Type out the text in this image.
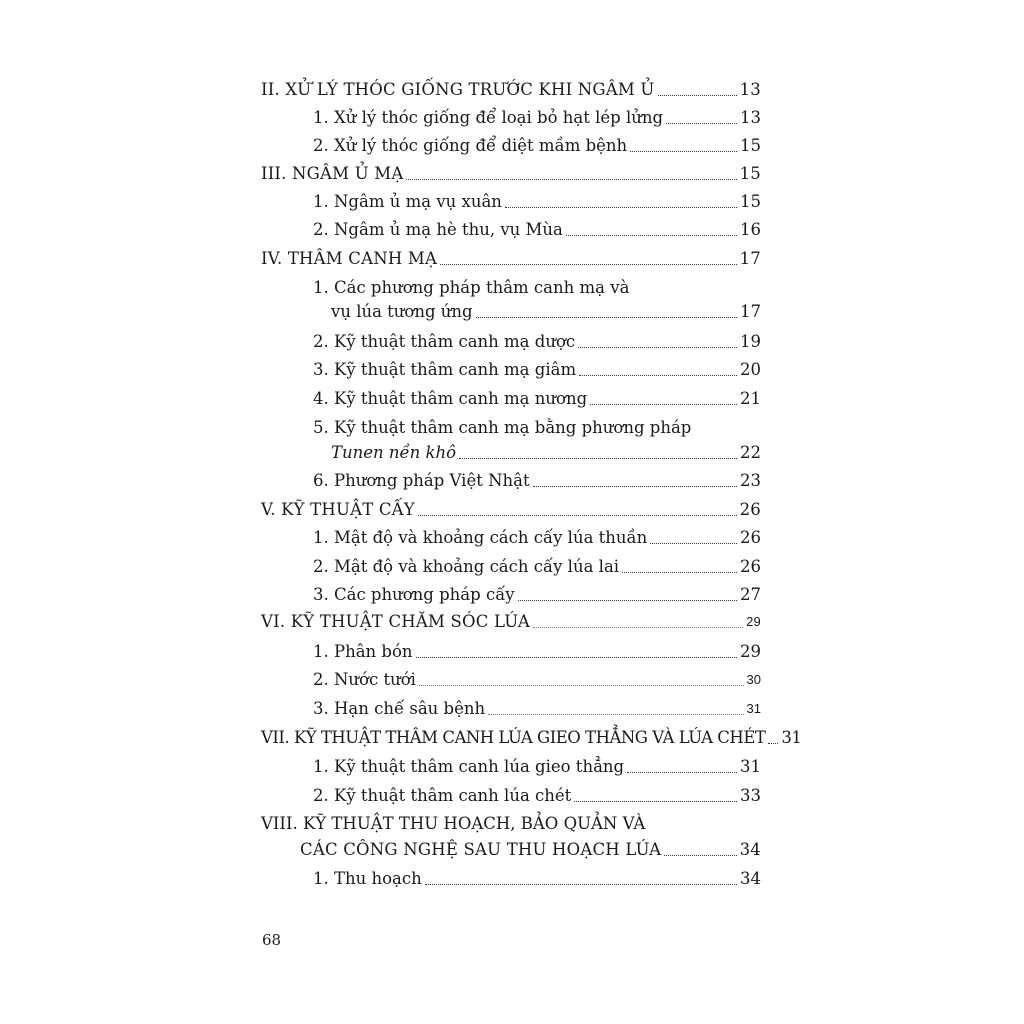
II. XỬ LÝ THÓC GIỐNG TRƯỚC KHI NGÂM Ủ	13
1. Xử lý thóc giống để loại bỏ hạt lép lửng	13
2. Xử lý thóc giống để diệt mầm bệnh	15
III. NGÂM Ủ MẠ	15
1. Ngâm ủ mạ vụ xuân	15
2. Ngâm ủ mạ hè thu, vụ Mùa	16
IV. THÂM CANH MẠ	17
1. Các phương pháp thâm canh mạ và
vụ lúa tương ứng	17
2. Kỹ thuật thâm canh mạ dược	19
3. Kỹ thuật thâm canh mạ giâm	20
4. Kỹ thuật thâm canh mạ nương	21
5. Kỹ thuật thâm canh mạ bằng phương pháp
Tunen nền khô	22
6. Phương pháp Việt Nhật	23
V. KỸ THUẬT CẤY	26
1. Mật độ và khoảng cách cấy lúa thuần	26
2. Mật độ và khoảng cách cấy lúa lai	26
3. Các phương pháp cấy	27
VI. KỸ THUẬT CHĂM SÓC LÚA	29
1. Phân bón	29
2. Nước tưới	30
3. Hạn chế sâu bệnh	31
VII. KỸ THUẬT THÂM CANH LÚA GIEO THẲNG VÀ LÚA CHÉT 31
1. Kỹ thuật thâm canh lúa gieo thẳng	31
2. Kỹ thuật thâm canh lúa chét	33
VIII. KỸ THUẬT THU HOẠCH, BẢO QUẢN VÀ
CÁC CÔNG NGHỆ SAU THU HOẠCH LÚA	34
1. Thu hoạch	34
68
